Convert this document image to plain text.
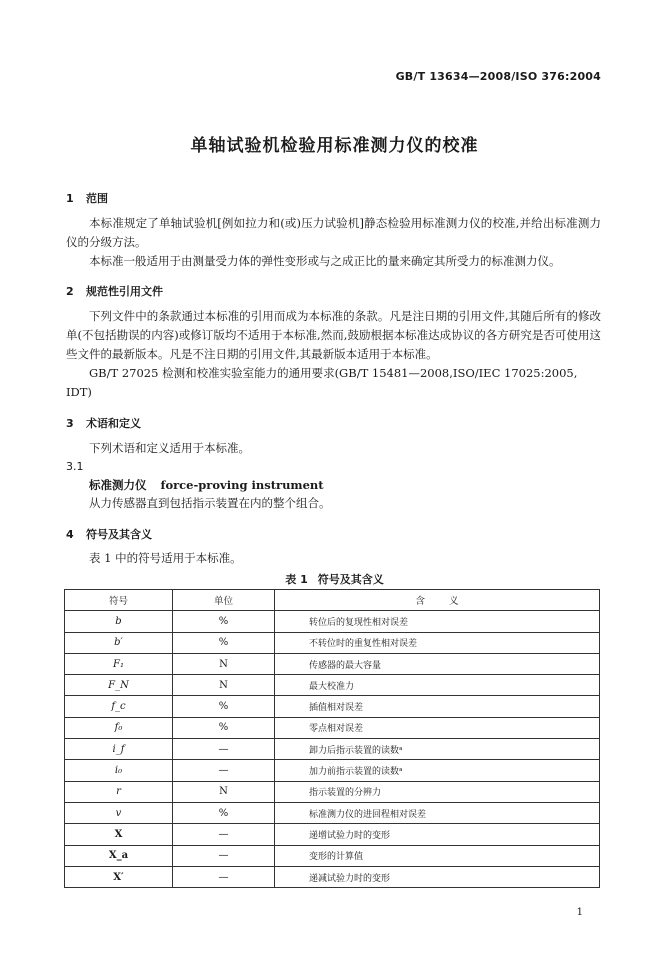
GB/T 13634—2008/ISO 376:2004
单轴试验机检验用标准测力仪的校准
1 范围
本标准规定了单轴试验机[例如拉力和(或)压力试验机]静态检验用标准测力仪的校准,并给出标准测力仪的分级方法。
本标准一般适用于由测量受力体的弹性变形或与之成正比的量来确定其所受力的标准测力仪。
2 规范性引用文件
下列文件中的条款通过本标准的引用而成为本标准的条款。凡是注日期的引用文件,其随后所有的修改单(不包括勘误的内容)或修订版均不适用于本标准,然而,鼓励根据本标准达成协议的各方研究是否可使用这些文件的最新版本。凡是不注日期的引用文件,其最新版本适用于本标准。
GB/T 27025 检测和校准实验室能力的通用要求(GB/T 15481—2008,ISO/IEC 17025:2005,
IDT)
3 术语和定义
下列术语和定义适用于本标准。
3.1
标准测力仪 force-proving instrument
从力传感器直到包括指示装置在内的整个组合。
4 符号及其含义
表 1 中的符号适用于本标准。
表 1 符号及其含义
符号	单位	含义
b	%	转位后的复现性相对误差
b′	%	不转位时的重复性相对误差
F₁	N	传感器的最大容量
F_N	N	最大校准力
f_c	%	插值相对误差
f₀	%	零点相对误差
i_f	—	卸力后指示装置的读数ᵃ
i₀	—	加力前指示装置的读数ᵃ
r	N	指示装置的分辨力
v	%	标准测力仪的进回程相对误差
X	—	递增试验力时的变形
X_a	—	变形的计算值
X′	—	递减试验力时的变形
1
